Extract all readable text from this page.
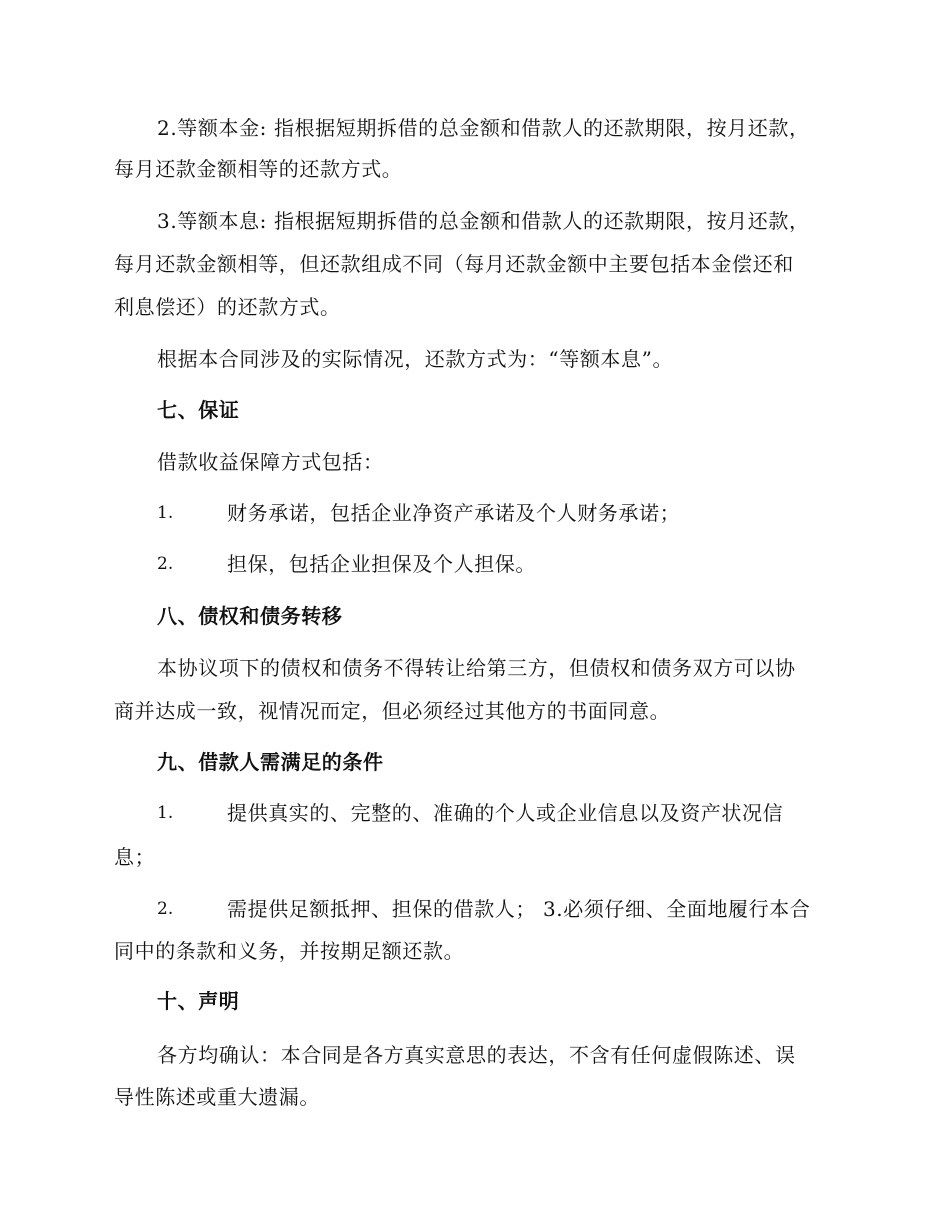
2.等额本金: 指根据短期拆借的总金额和借款人的还款期限，按月还款，
每月还款金额相等的还款方式。
3.等额本息: 指根据短期拆借的总金额和借款人的还款期限，按月还款，
每月还款金额相等，但还款组成不同（每月还款金额中主要包括本金偿还和
利息偿还）的还款方式。
根据本合同涉及的实际情况，还款方式为：“等额本息”。
七、保证
借款收益保障方式包括：
1.	财务承诺，包括企业净资产承诺及个人财务承诺；
2.	担保，包括企业担保及个人担保。
八、债权和债务转移
本协议项下的债权和债务不得转让给第三方，但债权和债务双方可以协
商并达成一致，视情况而定，但必须经过其他方的书面同意。
九、借款人需满足的条件
1.	提供真实的、完整的、准确的个人或企业信息以及资产状况信
息；
2.	需提供足额抵押、担保的借款人； 3.必须仔细、全面地履行本合
同中的条款和义务，并按期足额还款。
十、声明
各方均确认：本合同是各方真实意思的表达，不含有任何虚假陈述、误
导性陈述或重大遗漏。
